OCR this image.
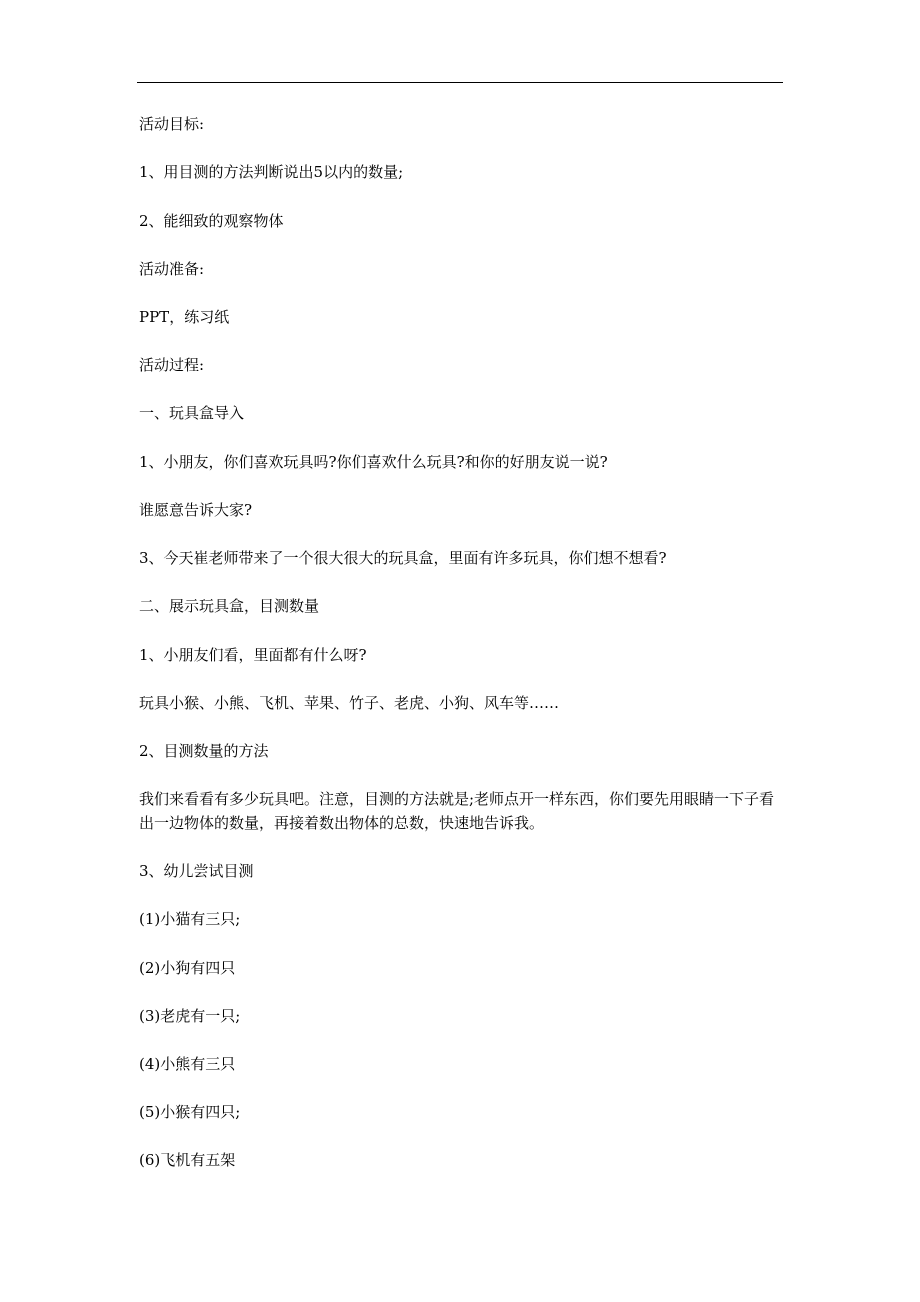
活动目标:
1、用目测的方法判断说出5以内的数量;
2、能细致的观察物体
活动准备:
PPT，练习纸
活动过程:
一、玩具盒导入
1、小朋友，你们喜欢玩具吗?你们喜欢什么玩具?和你的好朋友说一说?
谁愿意告诉大家?
3、今天崔老师带来了一个很大很大的玩具盒，里面有许多玩具，你们想不想看?
二、展示玩具盒，目测数量
1、小朋友们看，里面都有什么呀?
玩具小猴、小熊、飞机、苹果、竹子、老虎、小狗、风车等……
2、目测数量的方法
我们来看看有多少玩具吧。注意，目测的方法就是;老师点开一样东西，你们要先用眼睛一下子看出一边物体的数量，再接着数出物体的总数，快速地告诉我。
3、幼儿尝试目测
(1)小猫有三只;
(2)小狗有四只
(3)老虎有一只;
(4)小熊有三只
(5)小猴有四只;
(6)飞机有五架
